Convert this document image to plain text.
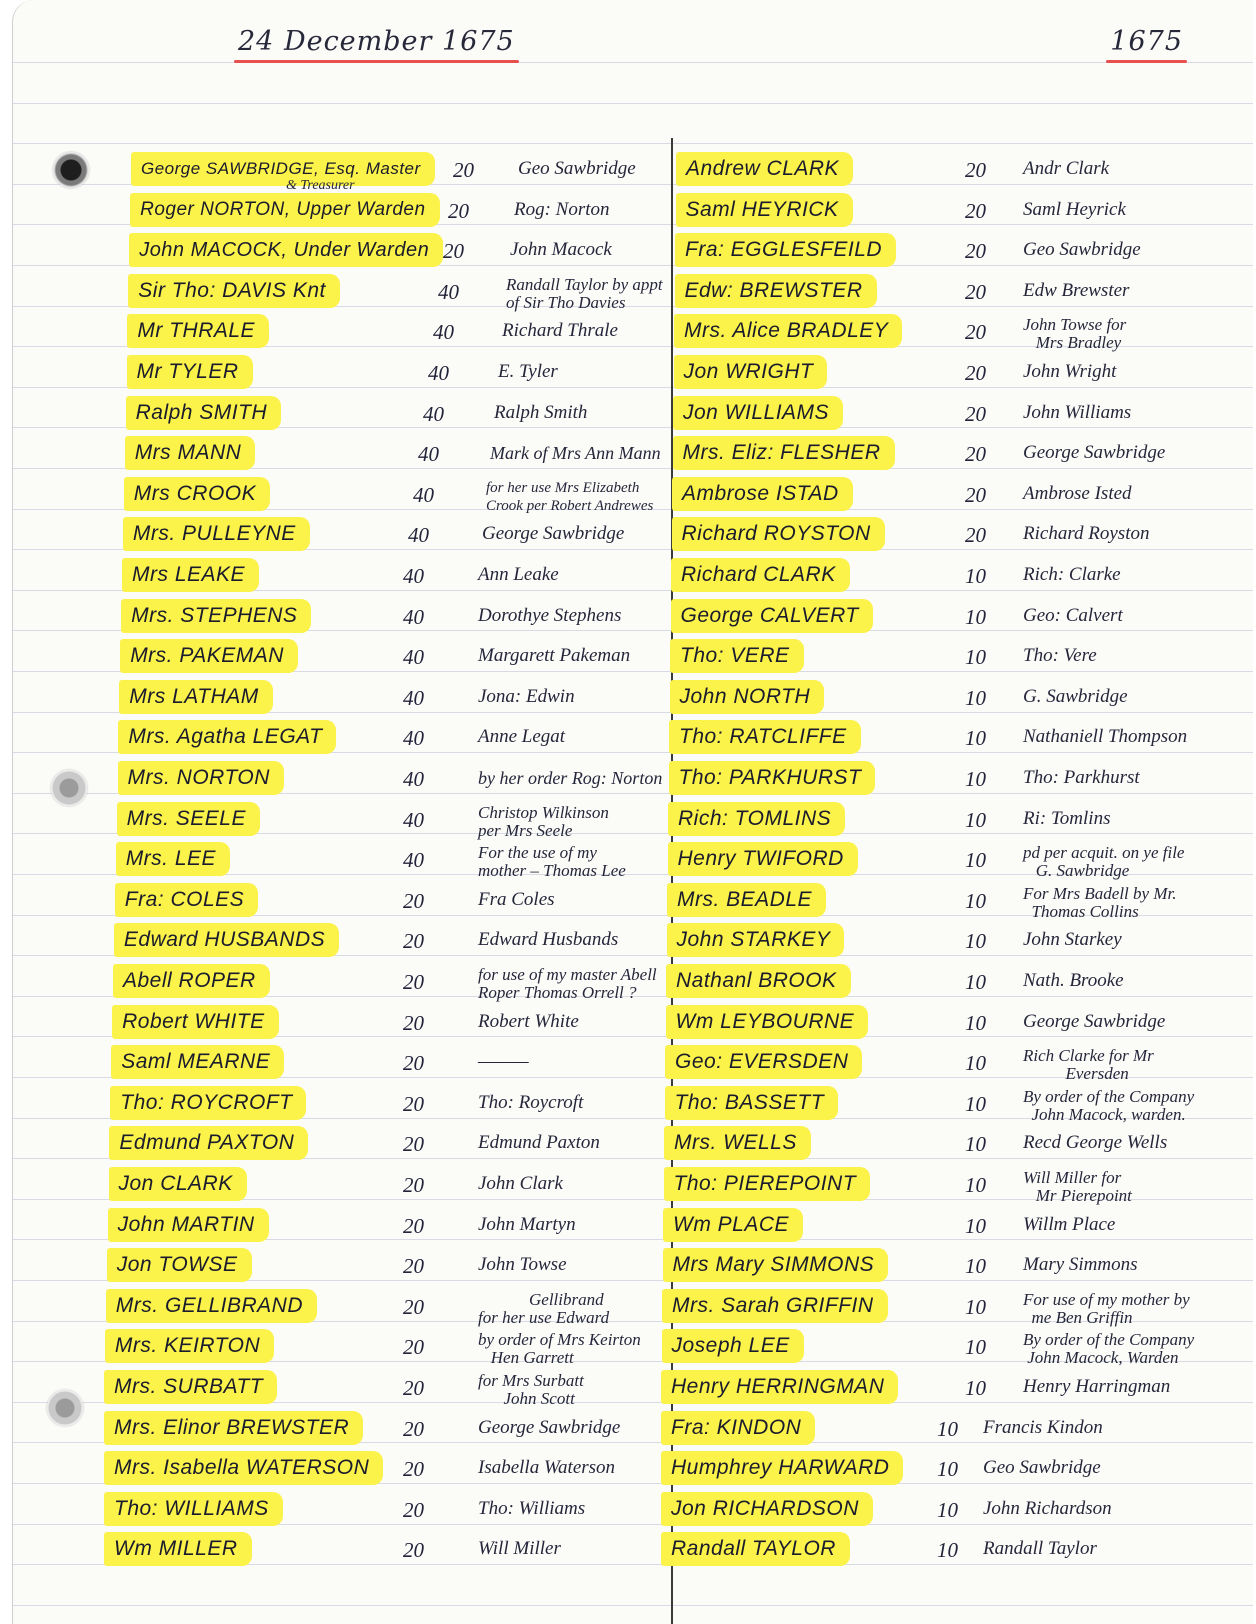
24 December 1675	1675
George SAWBRIDGE, Esq. Master
& Treasurer
20 Geo Sawbridge
Roger NORTON, Upper Warden	20 Rog: Norton
John MACOCK, Under Warden 20 John Macock
Sir Tho: DAVIS Knt	40	Randall Taylor by appt
of Sir Tho Davies
Mr THRALE	40	Richard Thrale
Mr TYLER	40	E. Tyler
Ralph SMITH	40	Ralph Smith
Mrs MANN	40	Mark of Mrs Ann Mann
Mrs CROOK	40	for her use Mrs Elizabeth
Crook per Robert Andrewes
Mrs. PULLEYNE	40	George Sawbridge
Mrs LEAKE	40	Ann Leake
Mrs. STEPHENS	40	Dorothye Stephens
Mrs. PAKEMAN	40	Margarett Pakeman
Mrs LATHAM	40	Jona: Edwin
Mrs. Agatha LEGAT	40	Anne Legat
Mrs. NORTON	40	by her order Rog: Norton
Mrs. SEELE	40	Christop Wilkinson
per Mrs Seele
Mrs. LEE	40	For the use of my
mother – Thomas Lee
Fra: COLES	20	Fra Coles
Edward HUSBANDS	20	Edward Husbands
Abell ROPER	20	for use of my master Abell
Roper Thomas Orrell ?
Robert WHITE	20	Robert White
Saml MEARNE	20	———
Tho: ROYCROFT	20	Tho: Roycroft
Edmund PAXTON	20	Edmund Paxton
Jon CLARK	20	John Clark
John MARTIN	20	John Martyn
Jon TOWSE	20	John Towse
Mrs. GELLIBRAND	20	Gellibrand
for her use Edward
Mrs. KEIRTON	20	by order of Mrs Keirton
Hen Garrett
Mrs. SURBATT	20	for Mrs Surbatt
John Scott
Mrs. Elinor BREWSTER	20	George Sawbridge
Mrs. Isabella WATERSON	20	Isabella Waterson
Tho: WILLIAMS	20	Tho: Williams
Wm MILLER	20	Will Miller
Andrew CLARK	20 Andr Clark
Saml HEYRICK	20 Saml Heyrick
Fra: EGGLESFEILD	20 Geo Sawbridge
Edw: BREWSTER	20 Edw Brewster
Mrs. Alice BRADLEY	20 John Towse for
Mrs Bradley
Jon WRIGHT	20 John Wright
Jon WILLIAMS	20 John Williams
Mrs. Eliz: FLESHER	20 George Sawbridge
Ambrose ISTAD	20 Ambrose Isted
Richard ROYSTON	20 Richard Royston
Richard CLARK	10 Rich: Clarke
George CALVERT	10 Geo: Calvert
Tho: VERE	10 Tho: Vere
John NORTH	10 G. Sawbridge
Tho: RATCLIFFE	10 Nathaniell Thompson
Tho: PARKHURST	10 Tho: Parkhurst
Rich: TOMLINS	10 Ri: Tomlins
Henry TWIFORD	10 pd per acquit. on ye file
G. Sawbridge
Mrs. BEADLE	10 For Mrs Badell by Mr.
Thomas Collins
John STARKEY	10 John Starkey
Nathanl BROOK	10 Nath. Brooke
Wm LEYBOURNE	10 George Sawbridge
Geo: EVERSDEN	10 Rich Clarke for Mr
Eversden
Tho: BASSETT	10 By order of the Company
John Macock, warden.
Mrs. WELLS	10 Recd George Wells
Tho: PIEREPOINT	10 Will Miller for
Mr Pierepoint
Wm PLACE	10 Willm Place
Mrs Mary SIMMONS	10 Mary Simmons
Mrs. Sarah GRIFFIN	10 For use of my mother by
me Ben Griffin
Joseph LEE	10 By order of the Company
John Macock, Warden
Henry HERRINGMAN	10 Henry Harringman
Fra: KINDON	10 Francis Kindon
Humphrey HARWARD	10 Geo Sawbridge
Jon RICHARDSON	10 John Richardson
Randall TAYLOR	10 Randall Taylor
